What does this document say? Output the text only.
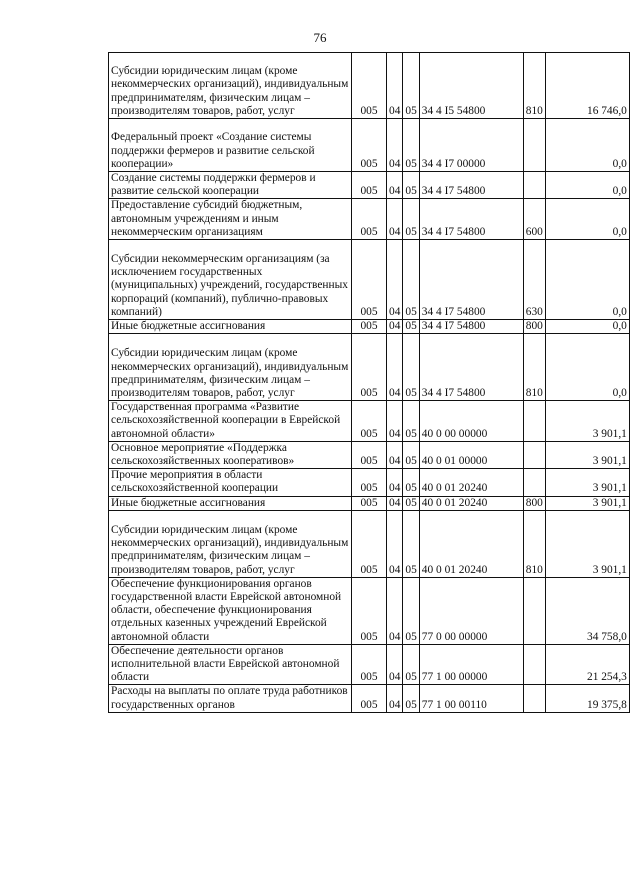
76
Субсидии юридическим лицам (кроме некоммерческих организаций), индивидуальным предпринимателям, физическим лицам – производителям товаров, работ, услуг	005	04	05	34 4 I5 54800	810	16 746,0
Федеральный проект «Создание системы поддержки фермеров и развитие сельской кооперации»	005	04	05	34 4 I7 00000		0,0
Создание системы поддержки фермеров и развитие сельской кооперации	005	04	05	34 4 I7 54800		0,0
Предоставление субсидий бюджетным, автономным учреждениям и иным некоммерческим организациям	005	04	05	34 4 I7 54800	600	0,0
Субсидии некоммерческим организациям (за исключением государственных (муниципальных) учреждений, государственных корпораций (компаний), публично-правовых компаний)	005	04	05	34 4 I7 54800	630	0,0
Иные бюджетные ассигнования	005	04	05	34 4 I7 54800	800	0,0
Субсидии юридическим лицам (кроме некоммерческих организаций), индивидуальным предпринимателям, физическим лицам – производителям товаров, работ, услуг	005	04	05	34 4 I7 54800	810	0,0
Государственная программа «Развитие сельскохозяйственной кооперации в Еврейской автономной области»	005	04	05	40 0 00 00000		3 901,1
Основное мероприятие «Поддержка сельскохозяйственных кооперативов»	005	04	05	40 0 01 00000		3 901,1
Прочие мероприятия в области сельскохозяйственной кооперации	005	04	05	40 0 01 20240		3 901,1
Иные бюджетные ассигнования	005	04	05	40 0 01 20240	800	3 901,1
Субсидии юридическим лицам (кроме некоммерческих организаций), индивидуальным предпринимателям, физическим лицам – производителям товаров, работ, услуг	005	04	05	40 0 01 20240	810	3 901,1
Обеспечение функционирования органов государственной власти Еврейской автономной области, обеспечение функционирования отдельных казенных учреждений Еврейской автономной области	005	04	05	77 0 00 00000		34 758,0
Обеспечение деятельности органов исполнительной власти Еврейской автономной области	005	04	05	77 1 00 00000		21 254,3
Расходы на выплаты по оплате труда работников государственных органов	005	04	05	77 1 00 00110		19 375,8
